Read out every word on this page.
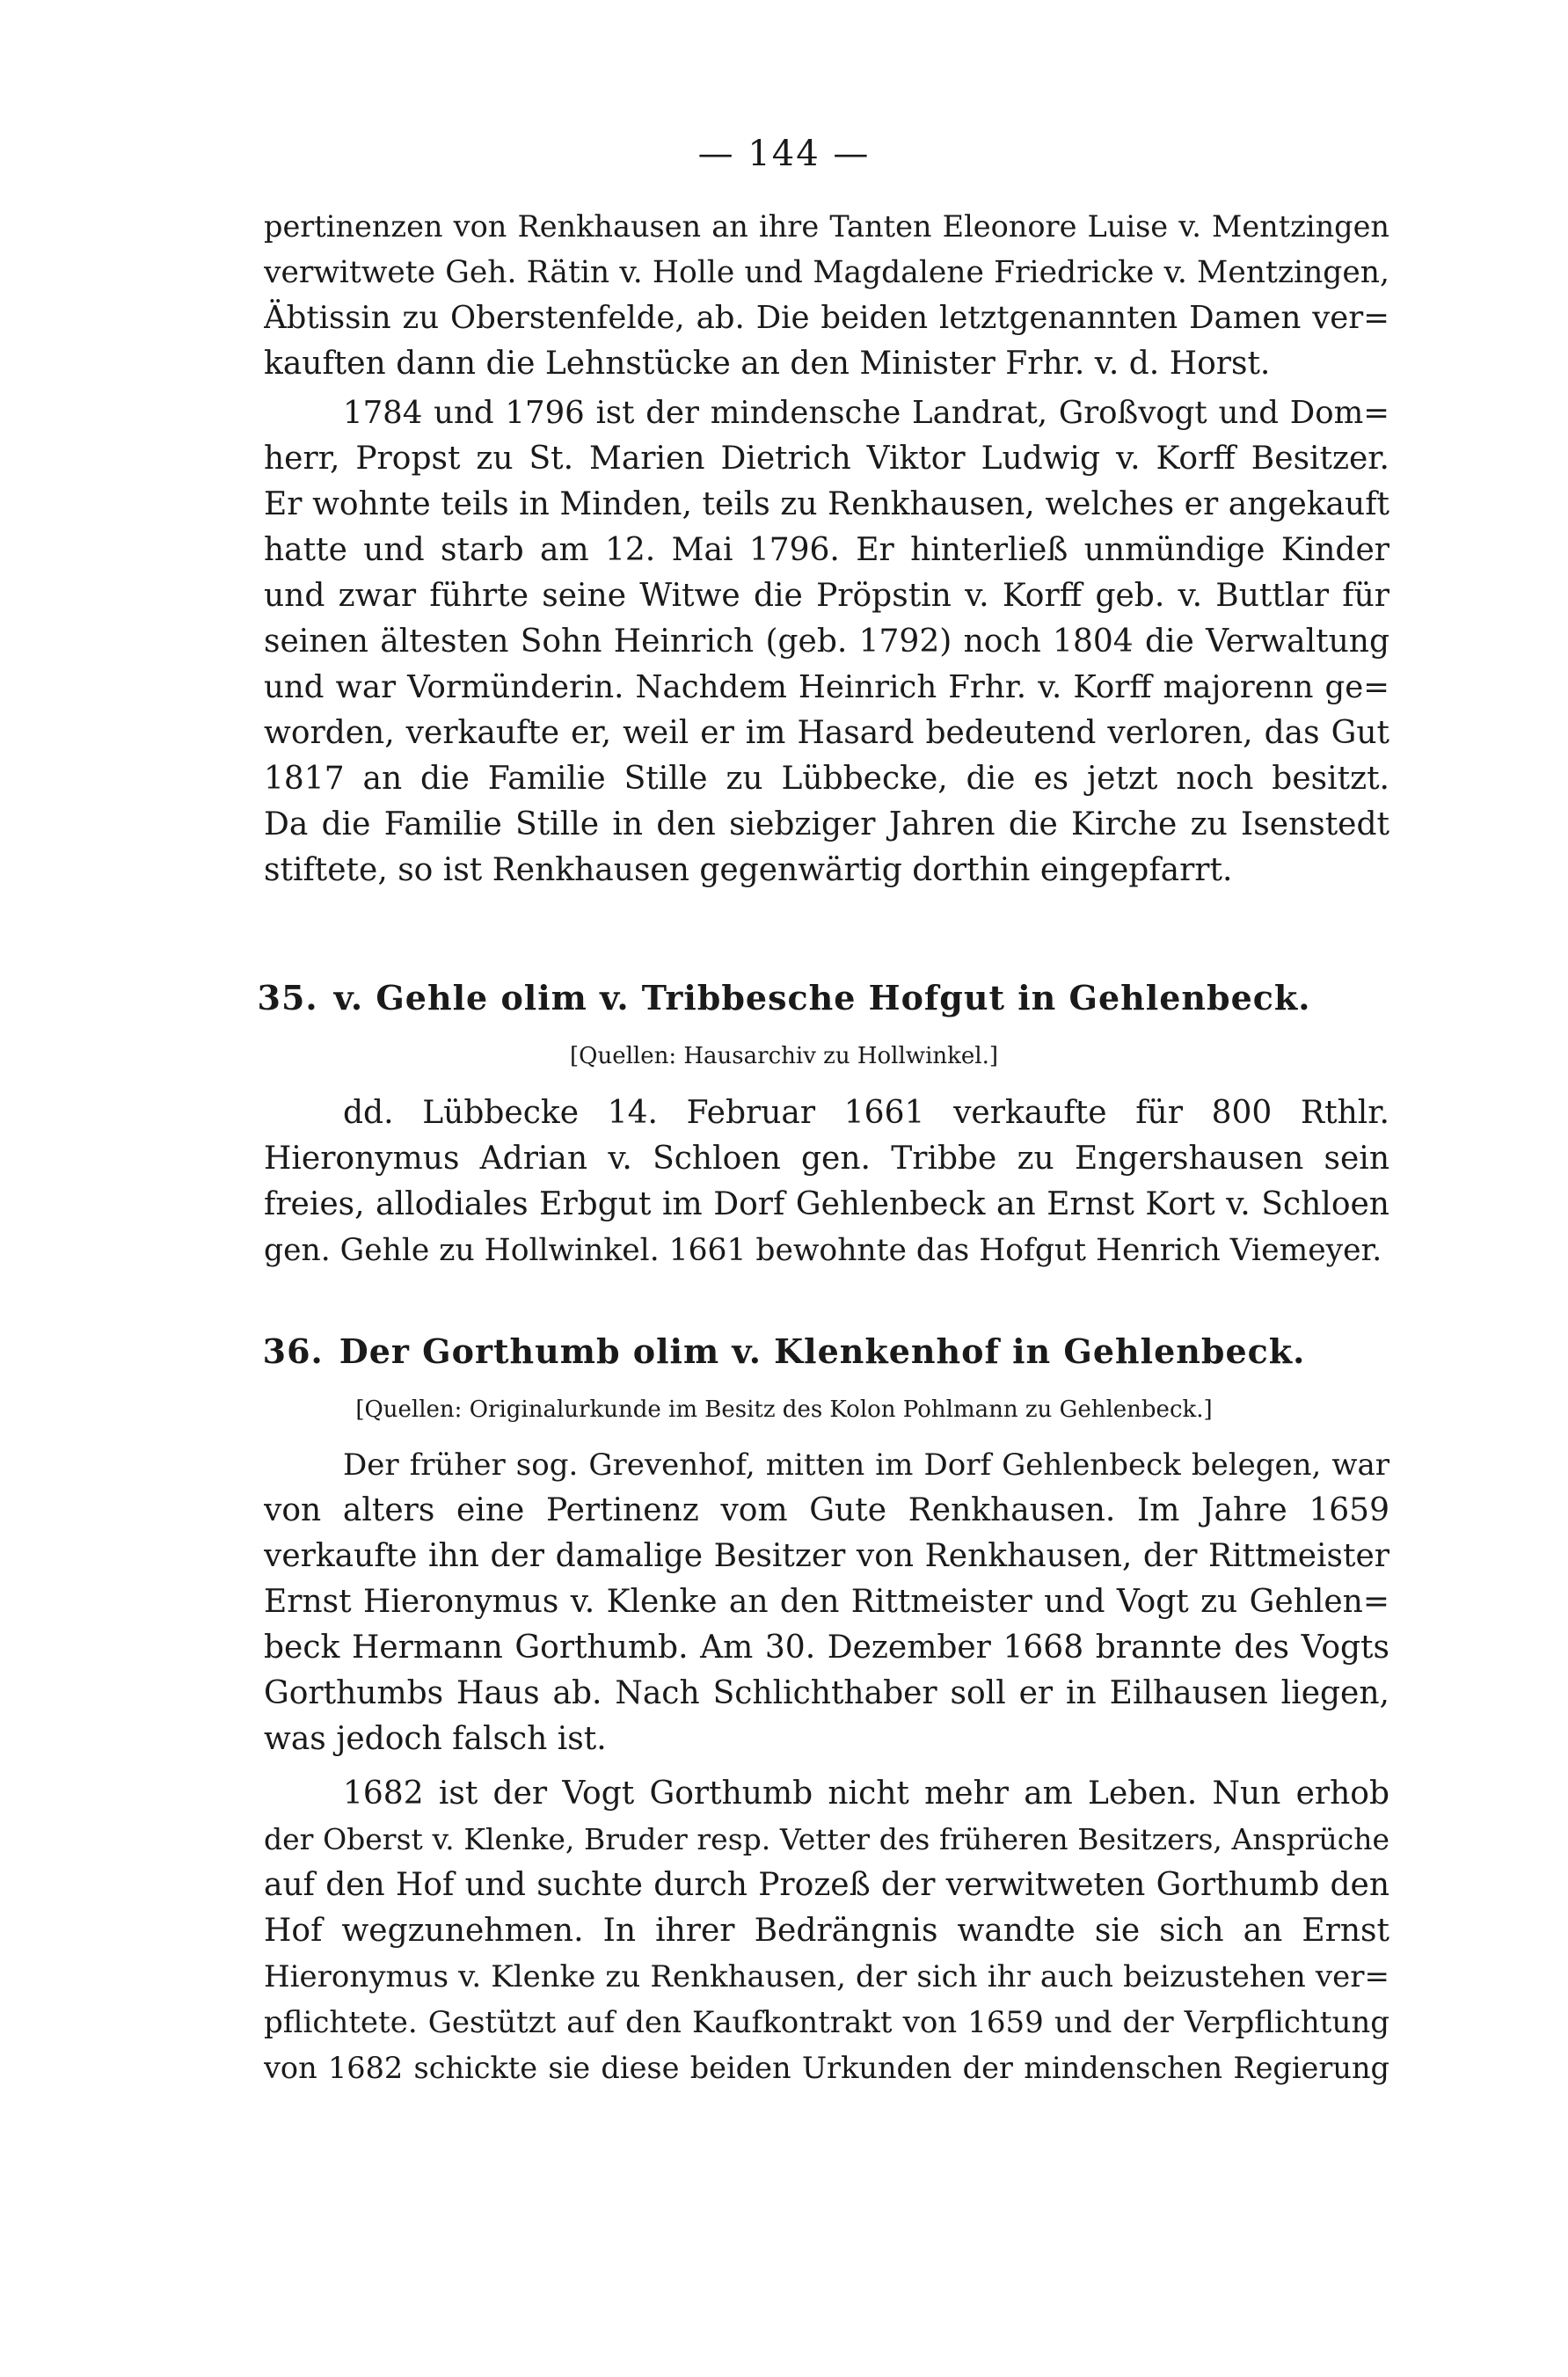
— 144 —
pertinenzen von Renkhausen an ihre Tanten Eleonore Luise v. Mentzingen
verwitwete Geh. Rätin v. Holle und Magdalene Friedricke v. Mentzingen,
Äbtissin zu Oberstenfelde, ab. Die beiden letztgenannten Damen ver=
kauften dann die Lehnstücke an den Minister Frhr. v. d. Horst.
1784 und 1796 ist der mindensche Landrat, Großvogt und Dom=
herr, Propst zu St. Marien Dietrich Viktor Ludwig v. Korff Besitzer.
Er wohnte teils in Minden, teils zu Renkhausen, welches er angekauft
hatte und starb am 12. Mai 1796. Er hinterließ unmündige Kinder
und zwar führte seine Witwe die Pröpstin v. Korff geb. v. Buttlar für
seinen ältesten Sohn Heinrich (geb. 1792) noch 1804 die Verwaltung
und war Vormünderin. Nachdem Heinrich Frhr. v. Korff majorenn ge=
worden, verkaufte er, weil er im Hasard bedeutend verloren, das Gut
1817 an die Familie Stille zu Lübbecke, die es jetzt noch besitzt.
Da die Familie Stille in den siebziger Jahren die Kirche zu Isenstedt
stiftete, so ist Renkhausen gegenwärtig dorthin eingepfarrt.
35. v. Gehle olim v. Tribbesche Hofgut in Gehlenbeck.
[Quellen: Hausarchiv zu Hollwinkel.]
dd. Lübbecke 14. Februar 1661 verkaufte für 800 Rthlr.
Hieronymus Adrian v. Schloen gen. Tribbe zu Engershausen sein
freies, allodiales Erbgut im Dorf Gehlenbeck an Ernst Kort v. Schloen
gen. Gehle zu Hollwinkel. 1661 bewohnte das Hofgut Henrich Viemeyer.
36. Der Gorthumb olim v. Klenkenhof in Gehlenbeck.
[Quellen: Originalurkunde im Besitz des Kolon Pohlmann zu Gehlenbeck.]
Der früher sog. Grevenhof, mitten im Dorf Gehlenbeck belegen, war
von alters eine Pertinenz vom Gute Renkhausen. Im Jahre 1659
verkaufte ihn der damalige Besitzer von Renkhausen, der Rittmeister
Ernst Hieronymus v. Klenke an den Rittmeister und Vogt zu Gehlen=
beck Hermann Gorthumb. Am 30. Dezember 1668 brannte des Vogts
Gorthumbs Haus ab. Nach Schlichthaber soll er in Eilhausen liegen,
was jedoch falsch ist.
1682 ist der Vogt Gorthumb nicht mehr am Leben. Nun erhob
der Oberst v. Klenke, Bruder resp. Vetter des früheren Besitzers, Ansprüche
auf den Hof und suchte durch Prozeß der verwitweten Gorthumb den
Hof wegzunehmen. In ihrer Bedrängnis wandte sie sich an Ernst
Hieronymus v. Klenke zu Renkhausen, der sich ihr auch beizustehen ver=
pflichtete. Gestützt auf den Kaufkontrakt von 1659 und der Verpflichtung
von 1682 schickte sie diese beiden Urkunden der mindenschen Regierung
